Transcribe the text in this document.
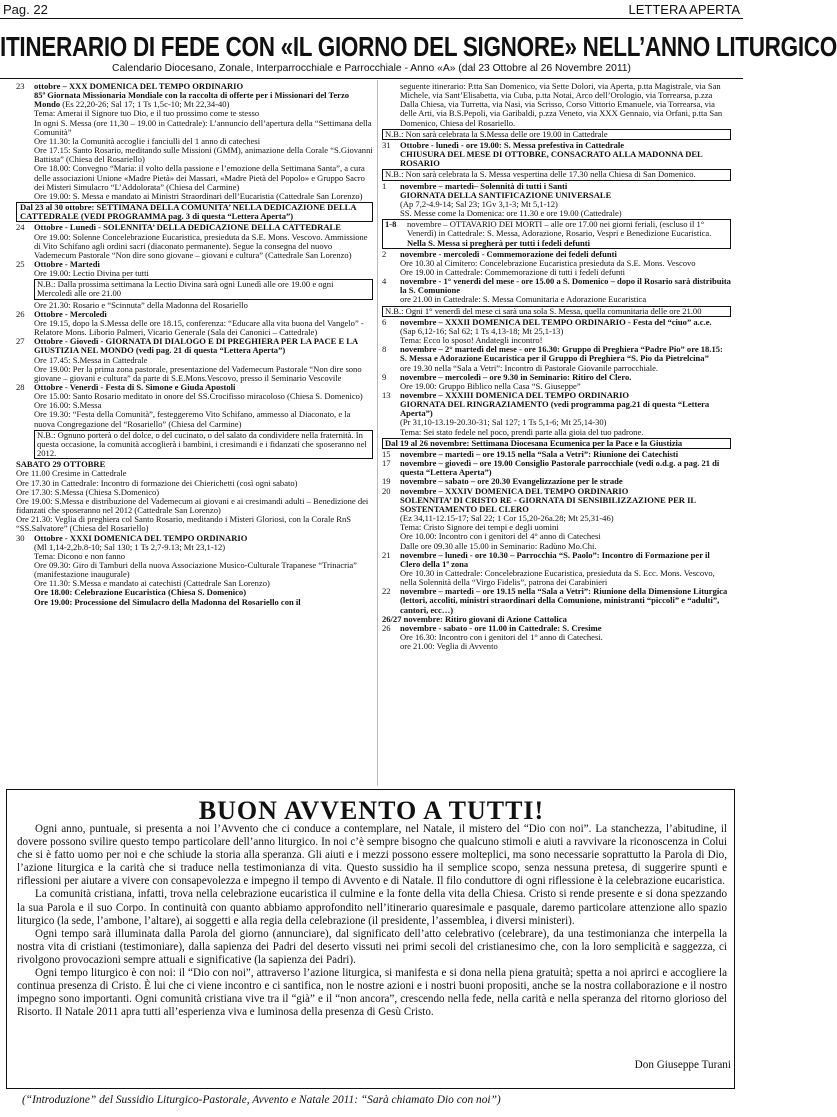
Pag. 22	LETTERA APERTA
ITINERARIO DI FEDE CON «IL GIORNO DEL SIGNORE» NELL’ANNO LITURGICO
Calendario Diocesano, Zonale, Interparrocchiale e Parrocchiale - Anno «A» (dal 23 Ottobre al 26 Novembre 2011)
23	ottobre – XXX DOMENICA DEL TEMPO ORDINARIO

85ª Giornata Missionaria Mondiale con la raccolta di offerte per i Missionari del Terzo Mondo (Es 22,20-26; Sal 17; 1 Ts 1,5c-10; Mt 22,34-40)

Tema: Amerai il Signore tuo Dio, e il tuo prossimo come te stesso

In ogni S. Messa (ore 11,30 – 19.00 in Cattedrale): L’annuncio dell’apertura della “Settimana della Comunità”

Ore 11.30: la Comunità accoglie i fanciulli del 1 anno di catechesi

Ore 17.15: Santo Rosario, meditando sulle Missioni (GMM), animazione della Corale “S.Giovanni Battista” (Chiesa del Rosariello)

Ore 18.00: Convegno “Maria: il volto della passione e l’emozione della Settimana Santa”, a cura delle associazioni Unione «Madre Pietà» dei Massari, «Madre Pietà del Popolo» e Gruppo Sacro dei Misteri Simulacro “L’Addolorata” (Chiesa del Carmine)

Ore 19.00: S. Messa e mandato ai Ministri Straordinari dell’Eucaristia (Cattedrale San Lorenzo)

Dal 23 al 30 ottobre: SETTIMANA DELLA COMUNITA’ NELLA DEDICAZIONE DELLA CATTEDRALE (VEDI PROGRAMMA pag. 3 di questa “Lettera Aperta”)
24	Ottobre - Lunedì - SOLENNITA’ DELLA DEDICAZIONE DELLA CATTEDRALE

Ore 19.00: Solenne Concelebrazione Eucaristica, presieduta da S.E. Mons. Vescovo. Ammissione di Vito Schifano agli ordini sacri (diaconato permanente). Segue la consegna del nuovo Vademecum Pastorale “Non dire sono giovane – giovani e cultura” (Cattedrale San Lorenzo)

25	Ottobre - Martedì

Ore 19.00: Lectio Divina per tutti

N.B.: Dalla prossima settimana la Lectio Divina sarà ogni Lunedì alle ore 19.00 e ogni Mercoledì alle ore 21.00

Ore 21.30: Rosario e “Scinnuta” della Madonna del Rosariello

26	Ottobre - Mercoledì

Ore 19.15, dopo la S.Messa delle ore 18.15, conferenza: “Educare alla vita buona del Vangelo” - Relatore Mons. Liborio Palmeri, Vicario Generale (Sala dei Canonici – Cattedrale)

27	Ottobre - Giovedì - GIORNATA DI DIALOGO E DI PREGHIERA PER LA PACE E LA GIUSTIZIA NEL MONDO (vedi pag. 21 di questa “Lettera Aperta”)

Ore 17.45: S.Messa in Cattedrale

Ore 19.00: Per la prima zona pastorale, presentazione del Vademecum Pastorale “Non dire sono giovane – giovani e cultura” da parte di S.E.Mons.Vescovo, presso il Seminario Vescovile

28	Ottobre - Venerdì - Festa di S. Simone e Giuda Apostoli

Ore 15.00: Santo Rosario meditato in onore del SS.Crocifisso miracoloso (Chiesa S. Domenico)

Ore 16.00: S.Messa

Ore 19.30: “Festa della Comunità”, festeggeremo Vito Schifano, ammesso al Diaconato, e la nuova Congregazione del “Rosariello” (Chiesa del Carmine)

N.B.: Ognuno porterà o del dolce, o del cucinato, o del salato da condividere nella fraternità. In questa occasione, la comunità accoglierà i bambini, i cresimandi e i fidanzati che sposeranno nel 2012.

SABATO 29 OTTOBRE

Ore 11.00 Cresime in Cattedrale

Ore 17.30 in Cattedrale: Incontro di formazione dei Chierichetti (così ogni sabato)

Ore 17.30: S.Messa (Chiesa S.Domenico)

Ore 19.00: S.Messa e distribuzione del Vademecum ai giovani e ai cresimandi adulti – Benedizione dei fidanzati che sposeranno nel 2012 (Cattedrale San Lorenzo)

Ore 21.30: Veglia di preghiera col Santo Rosario, meditando i Misteri Gloriosi, con la Corale RnS “SS.Salvatore” (Chiesa del Rosariello)

30	Ottobre - XXXI DOMENICA DEL TEMPO ORDINARIO

(Ml 1,14-2,2b.8-10; Sal 130; 1 Ts 2,7-9.13; Mt 23,1-12)

Tema: Dicono e non fanno

Ore 09.30: Giro di Tamburi della nuova Associazione Musico-Culturale Trapanese “Trinacria” (manifestazione inaugurale)

Ore 11.30: S.Messa e mandato ai catechisti (Cattedrale San Lorenzo)

Ore 18.00: Celebrazione Eucaristica (Chiesa S. Domenico)

Ore 19.00: Processione del Simulacro della Madonna del Rosariello con il

seguente itinerario: P.tta San Domenico, via Sette Dolori, via Aperta, p.tta Magistrale, via San Michele, via Sant’Elisabetta, via Cuba, p.tta Notai, Arco dell’Orologio, via Torrearsa, p.zza Dalla Chiesa, via Turretta, via Nasi, via Scrisso, Corso Vittorio Emanuele, via Torrearsa, via delle Arti, via B.S.Pepoli, via Garibaldi, p.zza Veneto, via XXX Gennaio, via Orfani, p.tta San Domenico, Chiesa del Rosariello.

N.B.: Non sarà celebrata la S.Messa delle ore 19.00 in Cattedrale
31	Ottobre - lunedì - ore 19.00: S. Messa prefestiva in Cattedrale

CHIUSURA DEL MESE DI OTTOBRE, CONSACRATO ALLA MADONNA DEL ROSARIO

N.B.: Non sarà celebrata la S. Messa vespertina delle 17.30 nella Chiesa di San Domenico.
1	novembre – martedì– Solennità di tutti i Santi

GIORNATA DELLA SANTIFICAZIONE UNIVERSALE

(Ap 7,2-4.9-14; Sal 23; 1Gv 3,1-3; Mt 5,1-12)

SS. Messe come la Domenica: ore 11.30 e ore 19.00 (Cattedrale)

1-8	novembre – OTTAVARIO DEI MORTI – alle ore 17.00 nei giorni feriali, (escluso il 1° Venerdì) in Cattedrale: S. Messa, Adorazione, Rosario, Vespri e Benedizione Eucaristica.

Nella S. Messa si pregherà per tutti i fedeli defunti

2	novembre - mercoledì - Commemorazione dei fedeli defunti

Ore 10.30 al Cimitero: Concelebrazione Eucaristica presieduta da S.E. Mons. Vescovo

Ore 19.00 in Cattedrale: Commemorazione di tutti i fedeli defunti

4	novembre - 1° venerdì del mese - ore 15.00 a S. Domenico – dopo il Rosario sarà distribuita la S. Comunione

ore 21.00 in Cattedrale: S. Messa Comunitaria e Adorazione Eucaristica

N.B.: Ogni 1° venerdì del mese ci sarà una sola S. Messa, quella comunitaria delle ore 21.00
6	novembre – XXXII DOMENICA DEL TEMPO ORDINARIO - Festa del “ciuo” a.c.e.

(Sap 6,12-16; Sal 62; 1 Ts 4,13-18; Mt 25,1-13)

Tema: Ecco lo sposo! Andategli incontro!

8	novembre – 2° martedì del mese - ore 16.30: Gruppo di Preghiera “Padre Pio” ore 18.15: S. Messa e Adorazione Eucaristica per il Gruppo di Preghiera “S. Pio da Pietrelcina”

ore 19.30 nella “Sala a Vetri”: Incontro di Pastorale Giovanile parrocchiale.

9	novembre – mercoledì – ore 9.30 in Seminario: Ritiro del Clero.

Ore 19.00: Gruppo Biblico nella Casa “S. Giuseppe”

13	novembre – XXXIII DOMENICA DEL TEMPO ORDINARIO

GIORNATA DEL RINGRAZIAMENTO (vedi programma pag.21 di questa “Lettera Aperta”)

(Pr 31,10-13.19-20.30-31; Sal 127; 1 Ts 5,1-6; Mt 25,14-30)

Tema: Sei stato fedele nel poco, prendi parte alla gioia del tuo padrone.

Dal 19 al 26 novembre: Settimana Diocesana Ecumenica per la Pace e la Giustizia
15	novembre – martedì – ore 19.15 nella “Sala a Vetri”: Riunione dei Catechisti

17	novembre – giovedì – ore 19.00 Consiglio Pastorale parrocchiale (vedi o.d.g. a pag. 21 di questa “Lettera Aperta”)

19	novembre – sabato – ore 20.30 Evangelizzazione per le strade

20	novembre – XXXIV DOMENICA DEL TEMPO ORDINARIO

SOLENNITA’ DI CRISTO RE - GIORNATA DI SENSIBILIZZAZIONE PER IL SOSTENTAMENTO DEL CLERO

(Ez 34,11-12.15-17; Sal 22; 1 Cor 15,20-26a.28; Mt 25,31-46)

Tema: Cristo Signore dei tempi e degli uomini

Ore 10.00: Incontro con i genitori del 4° anno di Catechesi

Dalle ore 09.30 alle 15.00 in Seminario: Radùno Mo.Chi.

21	novembre – lunedì - ore 10.30 – Parrocchia “S. Paolo”: Incontro di Formazione per il Clero della 1ª zona

Ore 10.30 in Cattedrale: Concelebrazione Eucaristica, presieduta da S. Ecc. Mons. Vescovo, nella Solennità della “Virgo Fidelis”, patrona dei Carabinieri

22	novembre – martedì – ore 19.15 nella “Sala a Vetri”: Riunione della Dimensione Liturgica (lettori, accoliti, ministri straordinari della Comunione, ministranti “piccoli” e “adulti”, cantori, ecc…)

26/27 novembre: Ritiro giovani di Azione Cattolica

26	novembre - sabato - ore 11.00 in Cattedrale: S. Cresime

Ore 16.30: Incontro con i genitori del 1° anno di Catechesi.

ore 21.00: Veglia di Avvento

BUON AVVENTO A TUTTI!

Ogni anno, puntuale, si presenta a noi l’Avvento che ci conduce a contemplare, nel Natale, il mistero del “Dio con noi”. La stanchezza, l’abitudine, il dovere possono svilire questo tempo particolare dell’anno liturgico. In noi c’è sempre bisogno che qualcuno stimoli e aiuti a ravvivare la riconoscenza in Colui che si è fatto uomo per noi e che schiude la storia alla speranza. Gli aiuti e i mezzi possono essere molteplici, ma sono necessarie soprattutto la Parola di Dio, l’azione liturgica e la carità che si traduce nella testimonianza di vita. Questo sussidio ha il semplice scopo, senza nessuna pretesa, di suggerire spunti e riflessioni per aiutare a vivere con consapevolezza e impegno il tempo di Avvento e di Natale. Il filo conduttore di ogni riflessione è la celebrazione eucaristica.

La comunità cristiana, infatti, trova nella celebrazione eucaristica il culmine e la fonte della vita della Chiesa. Cristo si rende presente e si dona spezzando la sua Parola e il suo Corpo. In continuità con quanto abbiamo approfondito nell’itinerario quaresimale e pasquale, daremo particolare attenzione allo spazio liturgico (la sede, l’ambone, l’altare), ai soggetti e alla regia della celebrazione (il presidente, l’assemblea, i diversi ministeri).

Ogni tempo sarà illuminata dalla Parola del giorno (annunciare), dal significato dell’atto celebrativo (celebrare), da una testimonianza che interpella la nostra vita di cristiani (testimoniare), dalla sapienza dei Padri del deserto vissuti nei primi secoli del cristianesimo che, con la loro semplicità e saggezza, ci rivolgono provocazioni sempre attuali e significative (la sapienza dei Padri).

Ogni tempo liturgico è con noi: il “Dio con noi”, attraverso l’azione liturgica, si manifesta e si dona nella piena gratuità; spetta a noi aprirci e accogliere la continua presenza di Cristo. È lui che ci viene incontro e ci santifica, non le nostre azioni e i nostri buoni propositi, anche se la nostra collaborazione e il nostro impegno sono importanti. Ogni comunità cristiana vive tra il “già” e il “non ancora”, crescendo nella fede, nella carità e nella speranza del ritorno glorioso del Risorto. Il Natale 2011 apra tutti all’esperienza viva e luminosa della presenza di Gesù Cristo.

Don Giuseppe Turani
(“Introduzione” del Sussidio Liturgico-Pastorale, Avvento e Natale 2011: “Sarà chiamato Dio con noi”)
